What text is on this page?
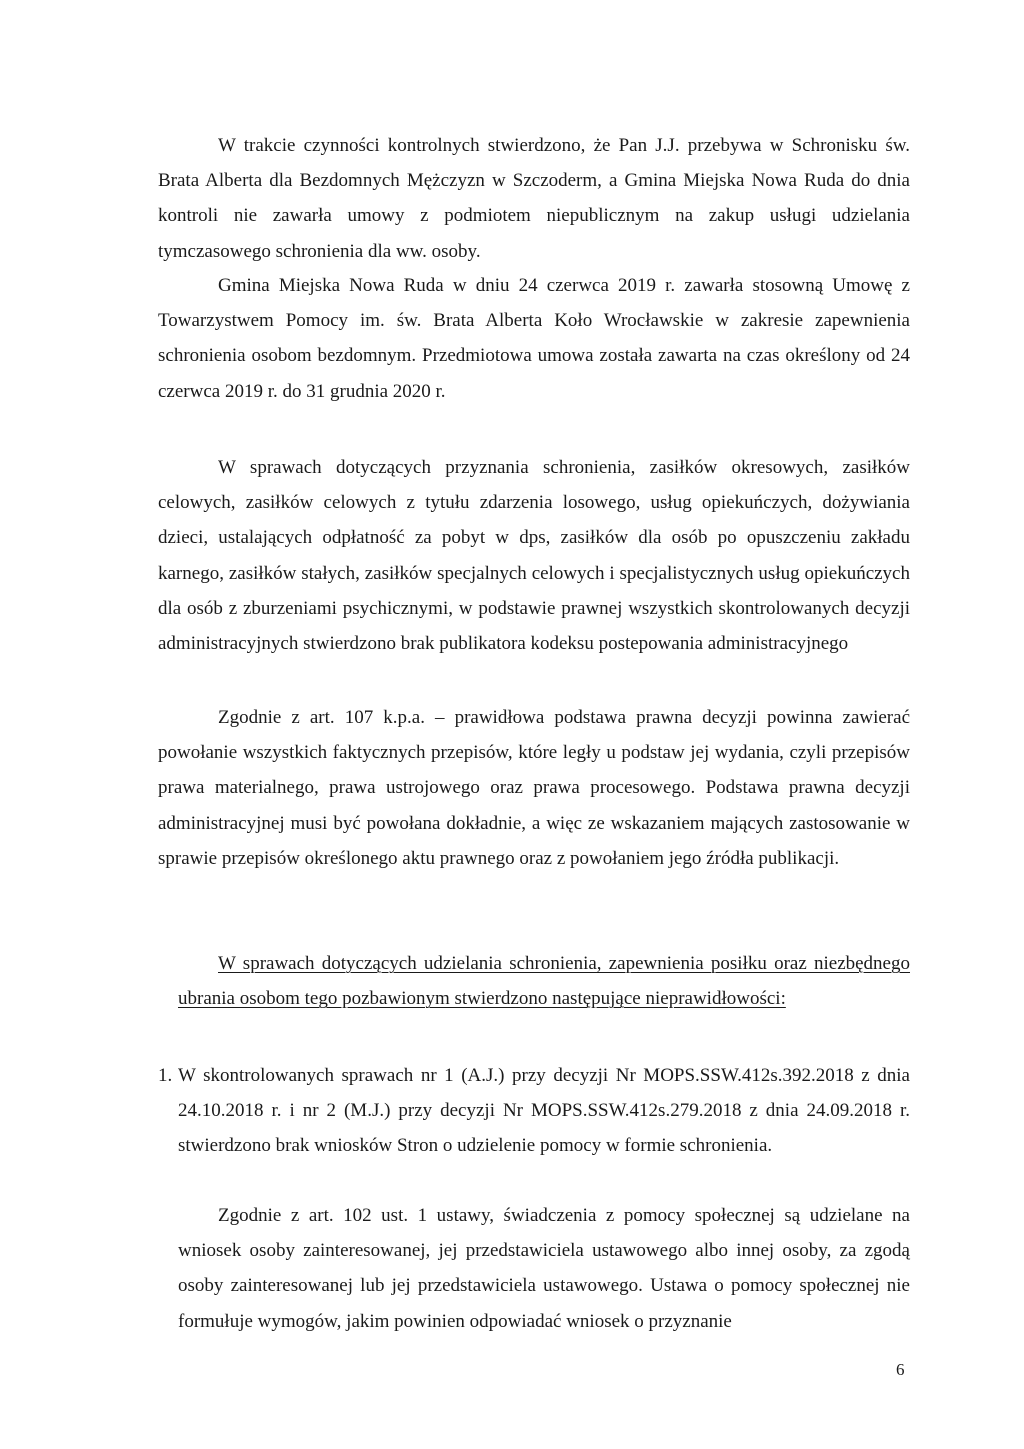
W trakcie czynności kontrolnych stwierdzono, że Pan J.J. przebywa w Schronisku św. Brata Alberta dla Bezdomnych Mężczyzn w Szczoderm, a Gmina Miejska Nowa Ruda do dnia kontroli nie zawarła umowy z podmiotem niepublicznym na zakup usługi udzielania tymczasowego schronienia dla ww. osoby.

Gmina Miejska Nowa Ruda w dniu 24 czerwca 2019 r. zawarła stosowną Umowę z Towarzystwem Pomocy im. św. Brata Alberta Koło Wrocławskie w zakresie zapewnienia schronienia osobom bezdomnym. Przedmiotowa umowa została zawarta na czas określony od 24 czerwca 2019 r. do 31 grudnia 2020 r.

W sprawach dotyczących przyznania schronienia, zasiłków okresowych, zasiłków celowych, zasiłków celowych z tytułu zdarzenia losowego, usług opiekuńczych, dożywiania dzieci, ustalających odpłatność za pobyt w dps, zasiłków dla osób po opuszczeniu zakładu karnego, zasiłków stałych, zasiłków specjalnych celowych i specjalistycznych usług opiekuńczych dla osób z zburzeniami psychicznymi, w podstawie prawnej wszystkich skontrolowanych decyzji administracyjnych stwierdzono brak publikatora kodeksu postepowania administracyjnego

Zgodnie z art. 107 k.p.a. – prawidłowa podstawa prawna decyzji powinna zawierać powołanie wszystkich faktycznych przepisów, które legły u podstaw jej wydania, czyli przepisów prawa materialnego, prawa ustrojowego oraz prawa procesowego. Podstawa prawna decyzji administracyjnej musi być powołana dokładnie, a więc ze wskazaniem mających zastosowanie w sprawie przepisów określonego aktu prawnego oraz z powołaniem jego źródła publikacji.

W sprawach dotyczących udzielania schronienia, zapewnienia posiłku oraz niezbędnego ubrania osobom tego pozbawionym stwierdzono następujące nieprawidłowości:

1. W skontrolowanych sprawach nr 1 (A.J.) przy decyzji Nr MOPS.SSW.412s.392.2018 z dnia 24.10.2018 r. i nr 2 (M.J.) przy decyzji Nr MOPS.SSW.412s.279.2018 z dnia 24.09.2018 r. stwierdzono brak wniosków Stron o udzielenie pomocy w formie schronienia.

Zgodnie z art. 102 ust. 1 ustawy, świadczenia z pomocy społecznej są udzielane na wniosek osoby zainteresowanej, jej przedstawiciela ustawowego albo innej osoby, za zgodą osoby zainteresowanej lub jej przedstawiciela ustawowego. Ustawa o pomocy społecznej nie formułuje wymogów, jakim powinien odpowiadać wniosek o przyznanie

6
